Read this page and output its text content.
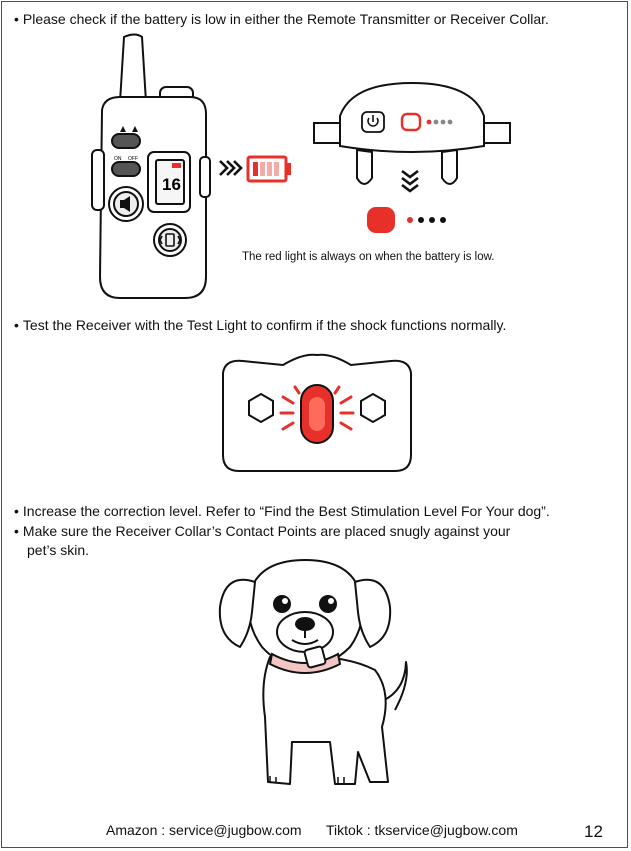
• Please check if the battery is low in either the Remote Transmitter or Receiver Collar.
ON OFF
16
The red light is always on when the battery is low.
• Test the Receiver with the Test Light to confirm if the shock functions normally.
• Increase the correction level. Refer to “Find the Best Stimulation Level For Your dog”.
• Make sure the Receiver Collar’s Contact Points are placed snugly against your
pet’s skin.
Amazon : service@jugbow.com Tiktok : tkservice@jugbow.com	12
